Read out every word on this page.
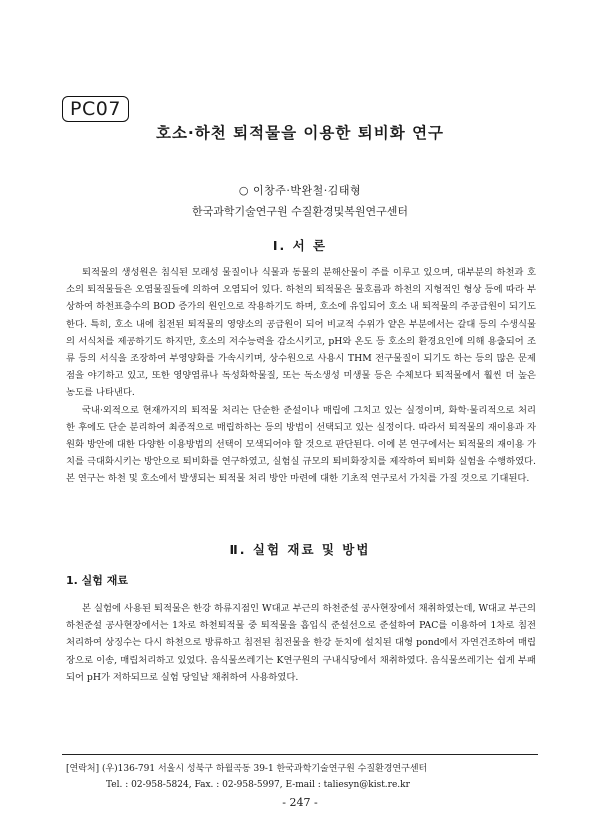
PC07
호소·하천 퇴적물을 이용한 퇴비화 연구
○ 이창주·박완철·김태형
한국과학기술연구원 수질환경및복원연구센터
Ⅰ. 서 론

퇴적물의 생성원은 침식된 모래성 물질이나 식물과 동물의 분해산물이 주를 이루고 있으며, 대부분의 하천과 호소의 퇴적물들은 오염물질들에 의하여 오염되어 있다. 하천의 퇴적물은 물호름과 하천의 지형적인 형상 등에 따라 부상하여 하천표층수의 BOD 증가의 원인으로 작용하기도 하며, 호소에 유입되어 호소 내 퇴적물의 주공급원이 되기도 한다. 특히, 호소 내에 침전된 퇴적물의 영양소의 공급원이 되어 비교적 수위가 얕은 부분에서는 갈대 등의 수생식물의 서식처를 제공하기도 하지만, 호소의 저수능력을 감소시키고, pH와 온도 등 호소의 환경요인에 의해 용출되어 조류 등의 서식을 조장하여 부영양화를 가속시키며, 상수원으로 사용시 THM 전구물질이 되기도 하는 등의 많은 문제점을 야기하고 있고, 또한 영양염류나 독성화학물질, 또는 독소생성 미생물 등은 수체보다 퇴적물에서 훨씬 더 높은 농도를 나타낸다.

국내·외적으로 현재까지의 퇴적물 처리는 단순한 준설이나 매립에 그치고 있는 실정이며, 화학·물리적으로 처리한 후에도 단순 분리하여 최종적으로 매립하하는 등의 방법이 선택되고 있는 실정이다. 따라서 퇴적물의 재이용과 자원화 방안에 대한 다양한 이용방법의 선택이 모색되어야 할 것으로 판단된다. 이에 본 연구에서는 퇴적물의 재이용 가치를 극대화시키는 방안으로 퇴비화를 연구하였고, 실험실 규모의 퇴비화장치를 제작하여 퇴비화 실험을 수행하였다. 본 연구는 하천 및 호소에서 발생되는 퇴적물 처리 방안 마련에 대한 기초적 연구로서 가치를 가질 것으로 기대된다.

Ⅱ. 실험 재료 및 방법
1. 실험 재료

본 실험에 사용된 퇴적물은 한강 하류지점인 W대교 부근의 하천준설 공사현장에서 채취하였는데, W대교 부근의 하천준설 공사현장에서는 1차로 하천퇴적물 중 퇴적물을 흡입식 준설선으로 준설하여 PAC를 이용하여 1차로 침전처리하여 상징수는 다시 하천으로 방류하고 침전된 침전물을 한강 둔치에 설치된 대형 pond에서 자연건조하여 매립장으로 이송, 매립처리하고 있었다. 음식물쓰레기는 K연구원의 구내식당에서 채취하였다. 음식물쓰레기는 쉽게 부패되어 pH가 저하되므로 실험 당일날 채취하여 사용하였다.

[연락처] (우)136-791 서울시 성북구 하월곡동 39-1 한국과학기술연구원 수질환경연구센터
Tel. : 02-958-5824, Fax. : 02-958-5997, E-mail : taliesyn@kist.re.kr
- 247 -
